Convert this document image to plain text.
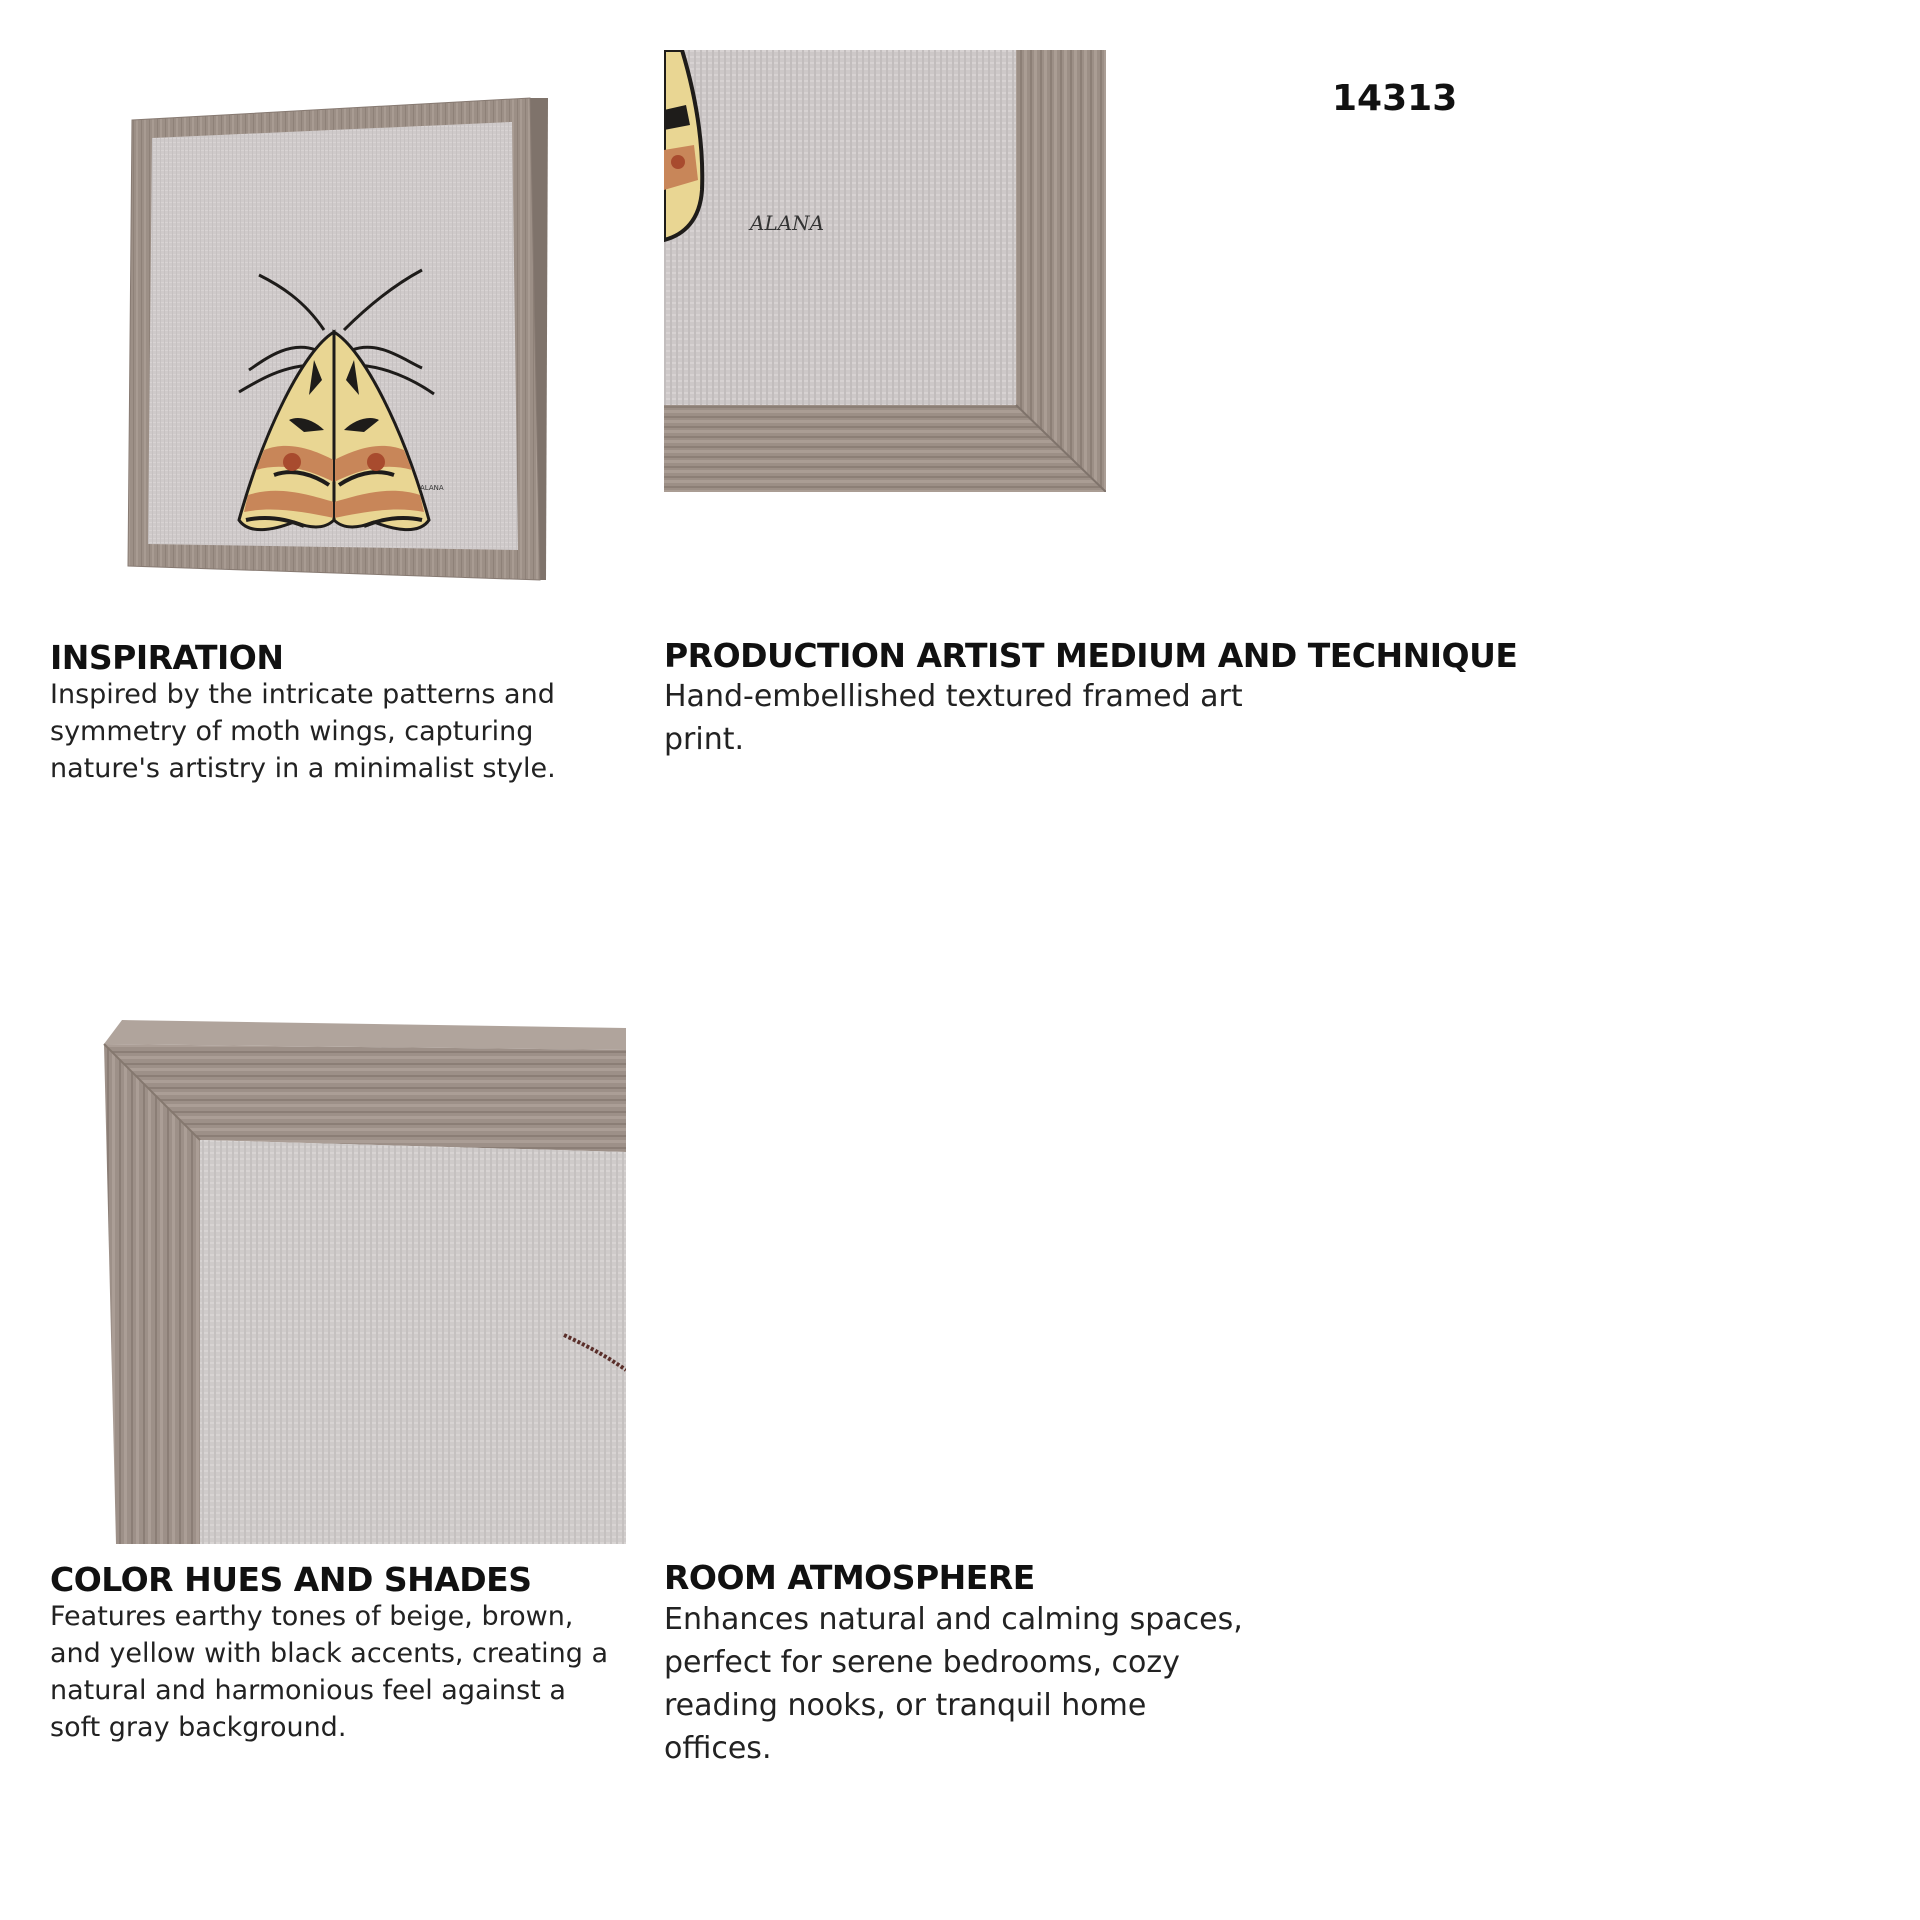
14313
ALANA
ALANA
INSPIRATION
Inspired by the intricate patterns and symmetry of moth wings, capturing nature's artistry in a minimalist style.
PRODUCTION ARTIST MEDIUM AND TECHNIQUE
Hand-embellished textured framed art print.
COLOR HUES AND SHADES
Features earthy tones of beige, brown, and yellow with black accents, creating a natural and harmonious feel against a soft gray background.
ROOM ATMOSPHERE
Enhances natural and calming spaces, perfect for serene bedrooms, cozy reading nooks, or tranquil home offices.
